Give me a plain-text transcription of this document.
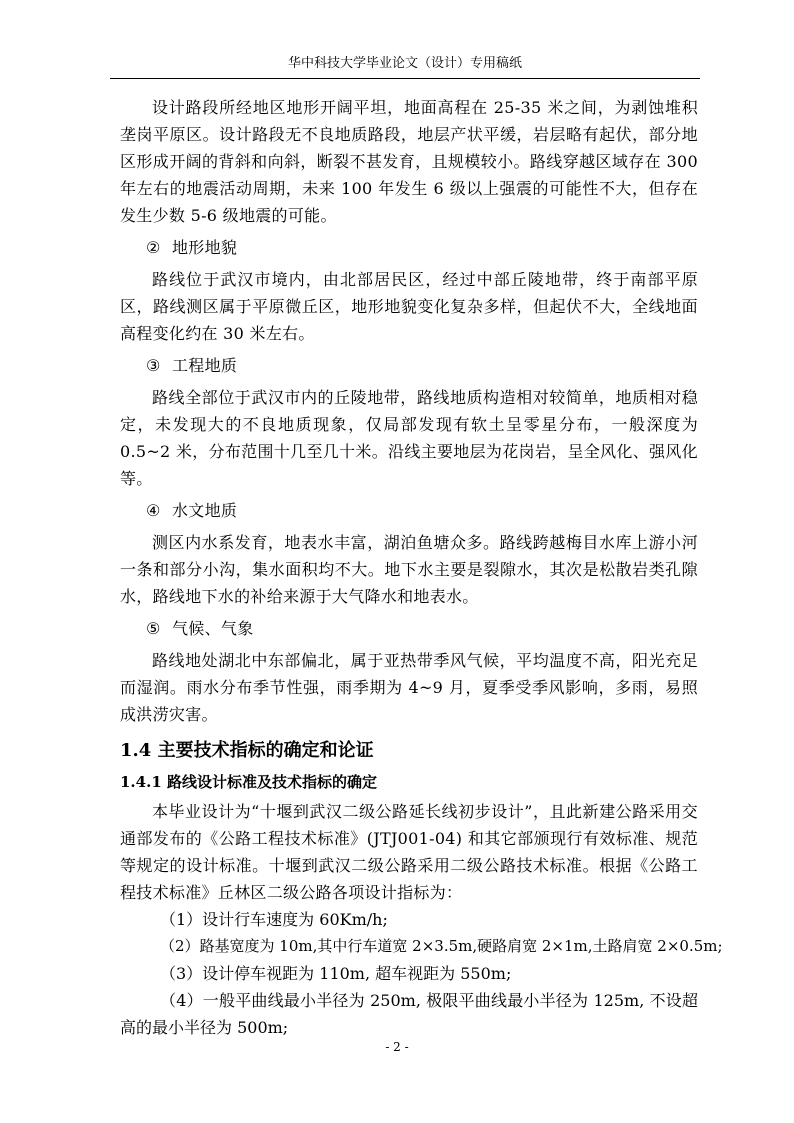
华中科技大学毕业论文（设计）专用稿纸

设计路段所经地区地形开阔平坦，地面高程在 25-35 米之间，为剥蚀堆积垄岗平原区。设计路段无不良地质路段，地层产状平缓，岩层略有起伏，部分地区形成开阔的背斜和向斜，断裂不甚发育，且规模较小。路线穿越区域存在 300 年左右的地震活动周期，未来 100 年发生 6 级以上强震的可能性不大，但存在发生少数 5-6 级地震的可能。

② 地形地貌

路线位于武汉市境内，由北部居民区，经过中部丘陵地带，终于南部平原区，路线测区属于平原微丘区，地形地貌变化复杂多样，但起伏不大，全线地面高程变化约在 30 米左右。

③ 工程地质

路线全部位于武汉市内的丘陵地带，路线地质构造相对较简单，地质相对稳定，未发现大的不良地质现象，仅局部发现有软土呈零星分布，一般深度为 0.5~2 米，分布范围十几至几十米。沿线主要地层为花岗岩，呈全风化、强风化等。

④ 水文地质

测区内水系发育，地表水丰富，湖泊鱼塘众多。路线跨越梅目水库上游小河一条和部分小沟，集水面积均不大。地下水主要是裂隙水，其次是松散岩类孔隙水，路线地下水的补给来源于大气降水和地表水。

⑤ 气候、气象

路线地处湖北中东部偏北，属于亚热带季风气候，平均温度不高，阳光充足而湿润。雨水分布季节性强，雨季期为 4~9 月，夏季受季风影响，多雨，易照成洪涝灾害。

1.4 主要技术指标的确定和论证
1.4.1 路线设计标准及技术指标的确定

本毕业设计为“十堰到武汉二级公路延长线初步设计”，且此新建公路采用交通部发布的《公路工程技术标准》(JTJ001-04) 和其它部颁现行有效标准、规范等规定的设计标准。十堰到武汉二级公路采用二级公路技术标准。根据《公路工程技术标准》丘林区二级公路各项设计指标为：

（1）设计行车速度为 60Km/h;

（2）路基宽度为 10m,其中行车道宽 2×3.5m,硬路肩宽 2×1m,土路肩宽 2×0.5m;

（3）设计停车视距为 110m, 超车视距为 550m;

（4）一般平曲线最小半径为 250m, 极限平曲线最小半径为 125m, 不设超高的最小半径为 500m;

- 2 -
